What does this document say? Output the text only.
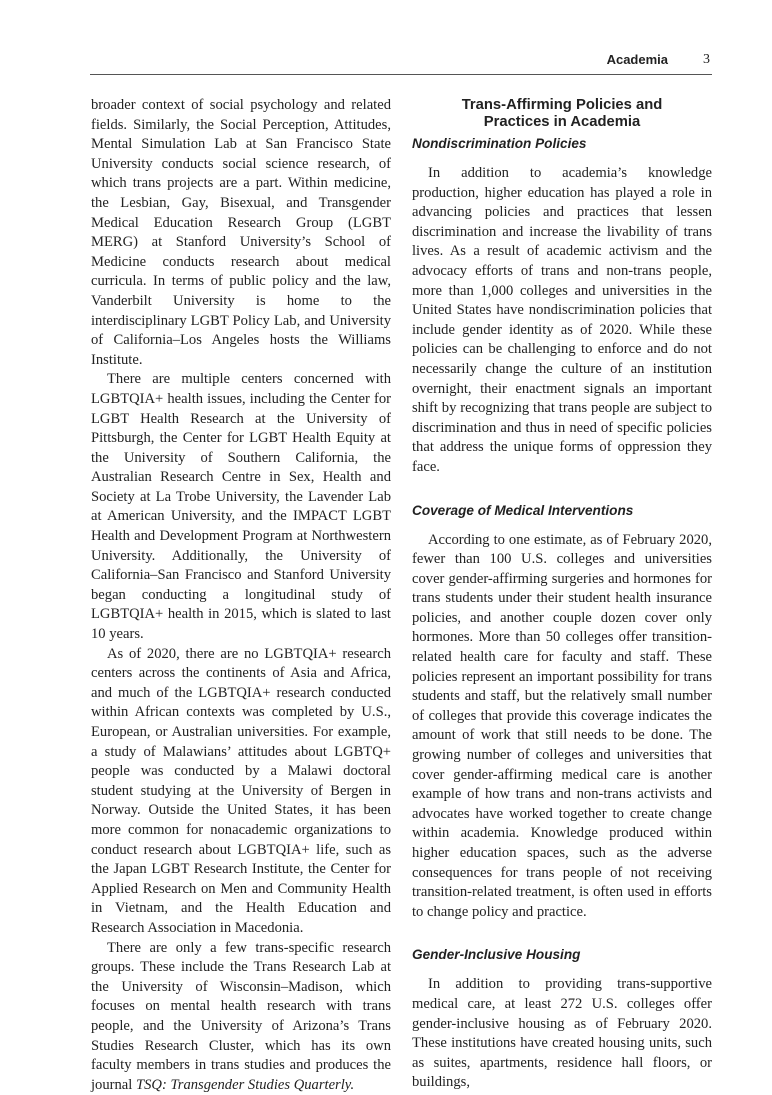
Academia	3

broader context of social psychology and related fields. Similarly, the Social Perception, Attitudes, Mental Simulation Lab at San Francisco State University conducts social science research, of which trans projects are a part. Within medicine, the Lesbian, Gay, Bisexual, and Transgender Medical Education Research Group (LGBT MERG) at Stanford University’s School of Medicine conducts research about medical curricula. In terms of public policy and the law, Vanderbilt University is home to the interdisciplinary LGBT Policy Lab, and University of California–Los Angeles hosts the Williams Institute.

There are multiple centers concerned with LGBTQIA+ health issues, including the Center for LGBT Health Research at the University of Pittsburgh, the Center for LGBT Health Equity at the University of Southern California, the Australian Research Centre in Sex, Health and Society at La Trobe University, the Lavender Lab at American University, and the IMPACT LGBT Health and Development Program at Northwestern University. Additionally, the University of California–San Francisco and Stanford University began conducting a longitudinal study of LGBTQIA+ health in 2015, which is slated to last 10 years.

As of 2020, there are no LGBTQIA+ research centers across the continents of Asia and Africa, and much of the LGBTQIA+ research conducted within African contexts was completed by U.S., European, or Australian universities. For example, a study of Malawians’ attitudes about LGBTQ+ people was conducted by a Malawi doctoral student studying at the University of Bergen in Norway. Outside the United States, it has been more common for nonacademic organizations to conduct research about LGBTQIA+ life, such as the Japan LGBT Research Institute, the Center for Applied Research on Men and Community Health in Vietnam, and the Health Education and Research Association in Macedonia.

There are only a few trans-specific research groups. These include the Trans Research Lab at the University of Wisconsin–Madison, which focuses on mental health research with trans people, and the University of Arizona’s Trans Studies Research Cluster, which has its own faculty members in trans studies and produces the journal TSQ: Transgender Studies Quarterly.

Trans-Affirming Policies and
Practices in Academia
Nondiscrimination Policies

In addition to academia’s knowledge production, higher education has played a role in advancing policies and practices that lessen discrimination and increase the livability of trans lives. As a result of academic activism and the advocacy efforts of trans and non-trans people, more than 1,000 colleges and universities in the United States have nondiscrimination policies that include gender identity as of 2020. While these policies can be challenging to enforce and do not necessarily change the culture of an institution overnight, their enactment signals an important shift by recognizing that trans people are subject to discrimination and thus in need of specific policies that address the unique forms of oppression they face.

Coverage of Medical Interventions

According to one estimate, as of February 2020, fewer than 100 U.S. colleges and universities cover gender-affirming surgeries and hormones for trans students under their student health insurance policies, and another couple dozen cover only hormones. More than 50 colleges offer transition-related health care for faculty and staff. These policies represent an important possibility for trans students and staff, but the relatively small number of colleges that provide this coverage indicates the amount of work that still needs to be done. The growing number of colleges and universities that cover gender-affirming medical care is another example of how trans and non-trans activists and advocates have worked together to create change within academia. Knowledge produced within higher education spaces, such as the adverse consequences for trans people of not receiving transition-related treatment, is often used in efforts to change policy and practice.

Gender-Inclusive Housing

In addition to providing trans-supportive medical care, at least 272 U.S. colleges offer gender-inclusive housing as of February 2020. These institutions have created housing units, such as suites, apartments, residence hall floors, or buildings,
